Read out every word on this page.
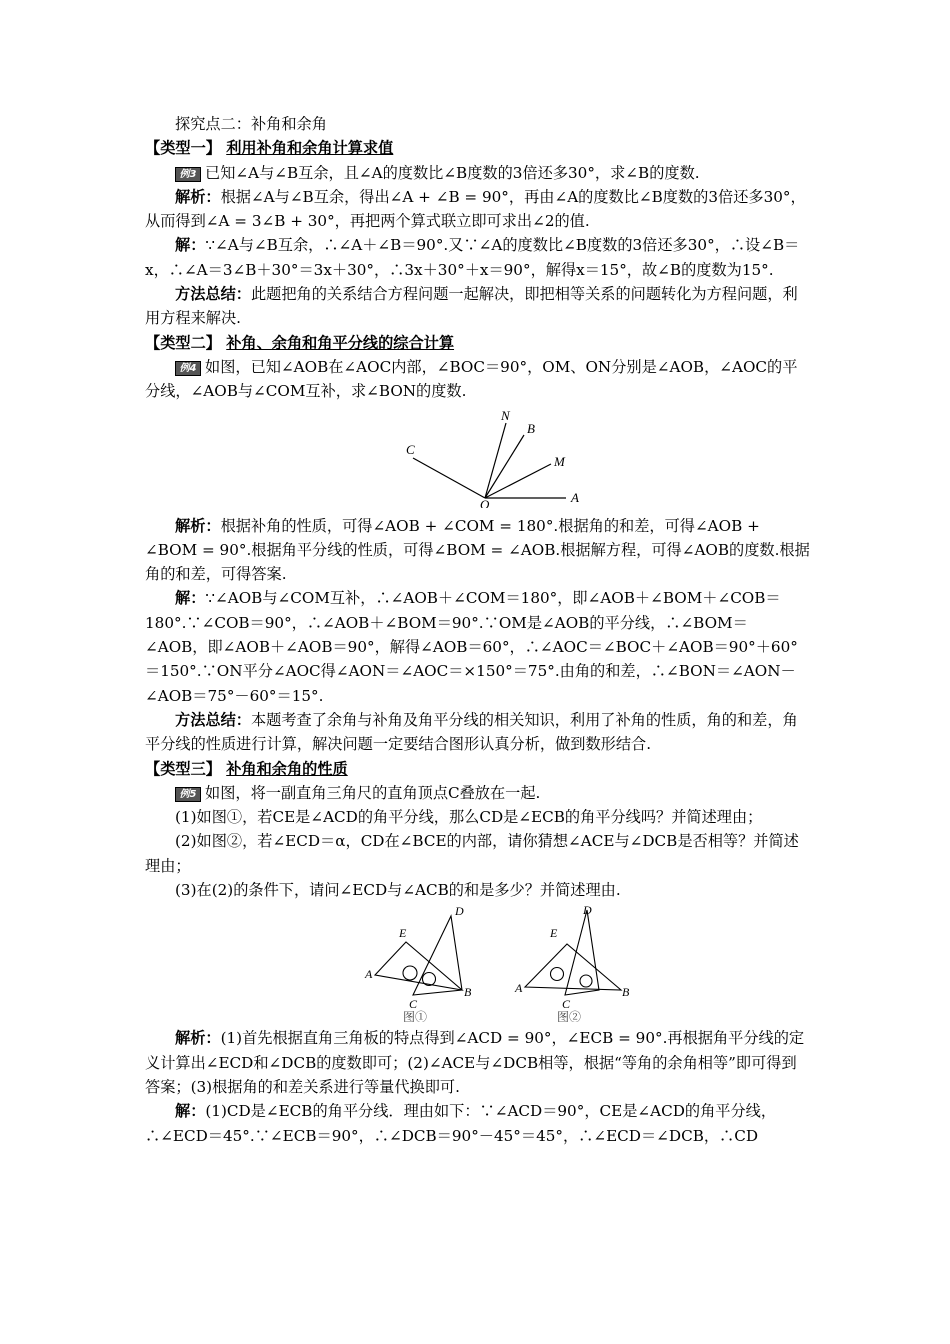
探究点二：补角和余角

【类型一】 利用补角和余角计算求值

例3 已知∠A与∠B互余，且∠A的度数比∠B度数的3倍还多30°，求∠B的度数.

解析：根据∠A与∠B互余，得出∠A + ∠B = 90°，再由∠A的度数比∠B度数的3倍还多30°，从而得到∠A = 3∠B + 30°，再把两个算式联立即可求出∠2的值.

解：∵∠A与∠B互余，∴∠A＋∠B＝90°.又∵∠A的度数比∠B度数的3倍还多30°，∴设∠B＝x，∴∠A＝3∠B＋30°＝3x＋30°，∴3x＋30°＋x＝90°，解得x＝15°，故∠B的度数为15°.

方法总结：此题把角的关系结合方程问题一起解决，即把相等关系的问题转化为方程问题，利用方程来解决.

【类型二】 补角、余角和角平分线的综合计算

例4 如图，已知∠AOB在∠AOC内部，∠BOC＝90°，OM、ON分别是∠AOB，∠AOC的平分线，∠AOB与∠COM互补，求∠BON的度数.

C
N
B
M
O	A

解析：根据补角的性质，可得∠AOB + ∠COM = 180°.根据角的和差，可得∠AOB + ∠BOM = 90°.根据角平分线的性质，可得∠BOM = ∠AOB.根据解方程，可得∠AOB的度数.根据角的和差，可得答案.

解：∵∠AOB与∠COM互补，∴∠AOB＋∠COM＝180°，即∠AOB＋∠BOM＋∠COB＝180°.∵∠COB＝90°，∴∠AOB＋∠BOM＝90°.∵OM是∠AOB的平分线，∴∠BOM＝∠AOB，即∠AOB＋∠AOB＝90°，解得∠AOB＝60°，∴∠AOC＝∠BOC＋∠AOB＝90°＋60°＝150°.∵ON平分∠AOC得∠AON＝∠AOC＝×150°＝75°.由角的和差，∴∠BON＝∠AON－∠AOB＝75°－60°＝15°.

方法总结：本题考查了余角与补角及角平分线的相关知识，利用了补角的性质，角的和差，角平分线的性质进行计算，解决问题一定要结合图形认真分析，做到数形结合.

【类型三】 补角和余角的性质

例5 如图，将一副直角三角尺的直角顶点C叠放在一起.

(1)如图①，若CE是∠ACD的角平分线，那么CD是∠ECB的角平分线吗？并简述理由；

(2)如图②，若∠ECD＝α，CD在∠BCE的内部，请你猜想∠ACE与∠DCB是否相等？并简述理由；

(3)在(2)的条件下，请问∠ECD与∠ACB的和是多少？并简述理由.

D
E
A
C
B
D
E
A
C
B
图①	图②

解析：(1)首先根据直角三角板的特点得到∠ACD = 90°，∠ECB = 90°.再根据角平分线的定义计算出∠ECD和∠DCB的度数即可；(2)∠ACE与∠DCB相等，根据“等角的余角相等”即可得到答案；(3)根据角的和差关系进行等量代换即可.

解：(1)CD是∠ECB的角平分线．理由如下：∵∠ACD＝90°，CE是∠ACD的角平分线，∴∠ECD＝45°.∵∠ECB＝90°，∴∠DCB＝90°－45°＝45°，∴∠ECD＝∠DCB，∴CD
